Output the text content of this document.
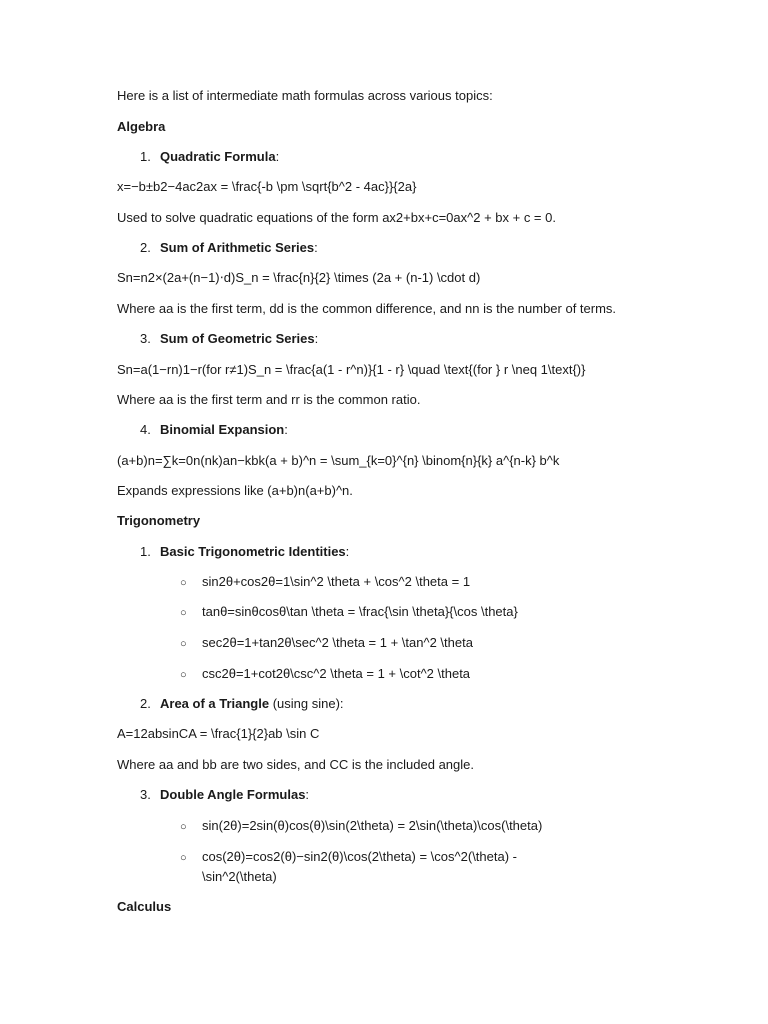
Here is a list of intermediate math formulas across various topics:
Algebra
1. Quadratic Formula:
x=−b±b2−4ac2ax = \frac{-b \pm \sqrt{b^2 - 4ac}}{2a}
Used to solve quadratic equations of the form ax2+bx+c=0ax^2 + bx + c = 0.
2. Sum of Arithmetic Series:
Sn=n2×(2a+(n−1)⋅d)S_n = \frac{n}{2} \times (2a + (n-1) \cdot d)
Where aa is the first term, dd is the common difference, and nn is the number of terms.
3. Sum of Geometric Series:
Sn=a(1−rn)1−r(for r≠1)S_n = \frac{a(1 - r^n)}{1 - r} \quad \text{(for } r \neq 1\text{)}
Where aa is the first term and rr is the common ratio.
4. Binomial Expansion:
(a+b)n=∑k=0n(nk)an−kbk(a + b)^n = \sum_{k=0}^{n} \binom{n}{k} a^{n-k} b^k
Expands expressions like (a+b)n(a+b)^n.
Trigonometry
1. Basic Trigonometric Identities:
○ sin⁡2θ+cos⁡2θ=1\sin^2 \theta + \cos^2 \theta = 1
○ tan⁡θ=sin⁡θcos⁡θ\tan \theta = \frac{\sin \theta}{\cos \theta}
○ sec⁡2θ=1+tan⁡2θ\sec^2 \theta = 1 + \tan^2 \theta
○ csc⁡2θ=1+cot⁡2θ\csc^2 \theta = 1 + \cot^2 \theta
2. Area of a Triangle (using sine):
A=12absin⁡CA = \frac{1}{2}ab \sin C
Where aa and bb are two sides, and CC is the included angle.
3. Double Angle Formulas:
○ sin⁡(2θ)=2sin⁡(θ)cos⁡(θ)\sin(2\theta) = 2\sin(\theta)\cos(\theta)
○ cos⁡(2θ)=cos⁡2(θ)−sin⁡2(θ)\cos(2\theta) = \cos^2(\theta) -
\sin^2(\theta)
Calculus
